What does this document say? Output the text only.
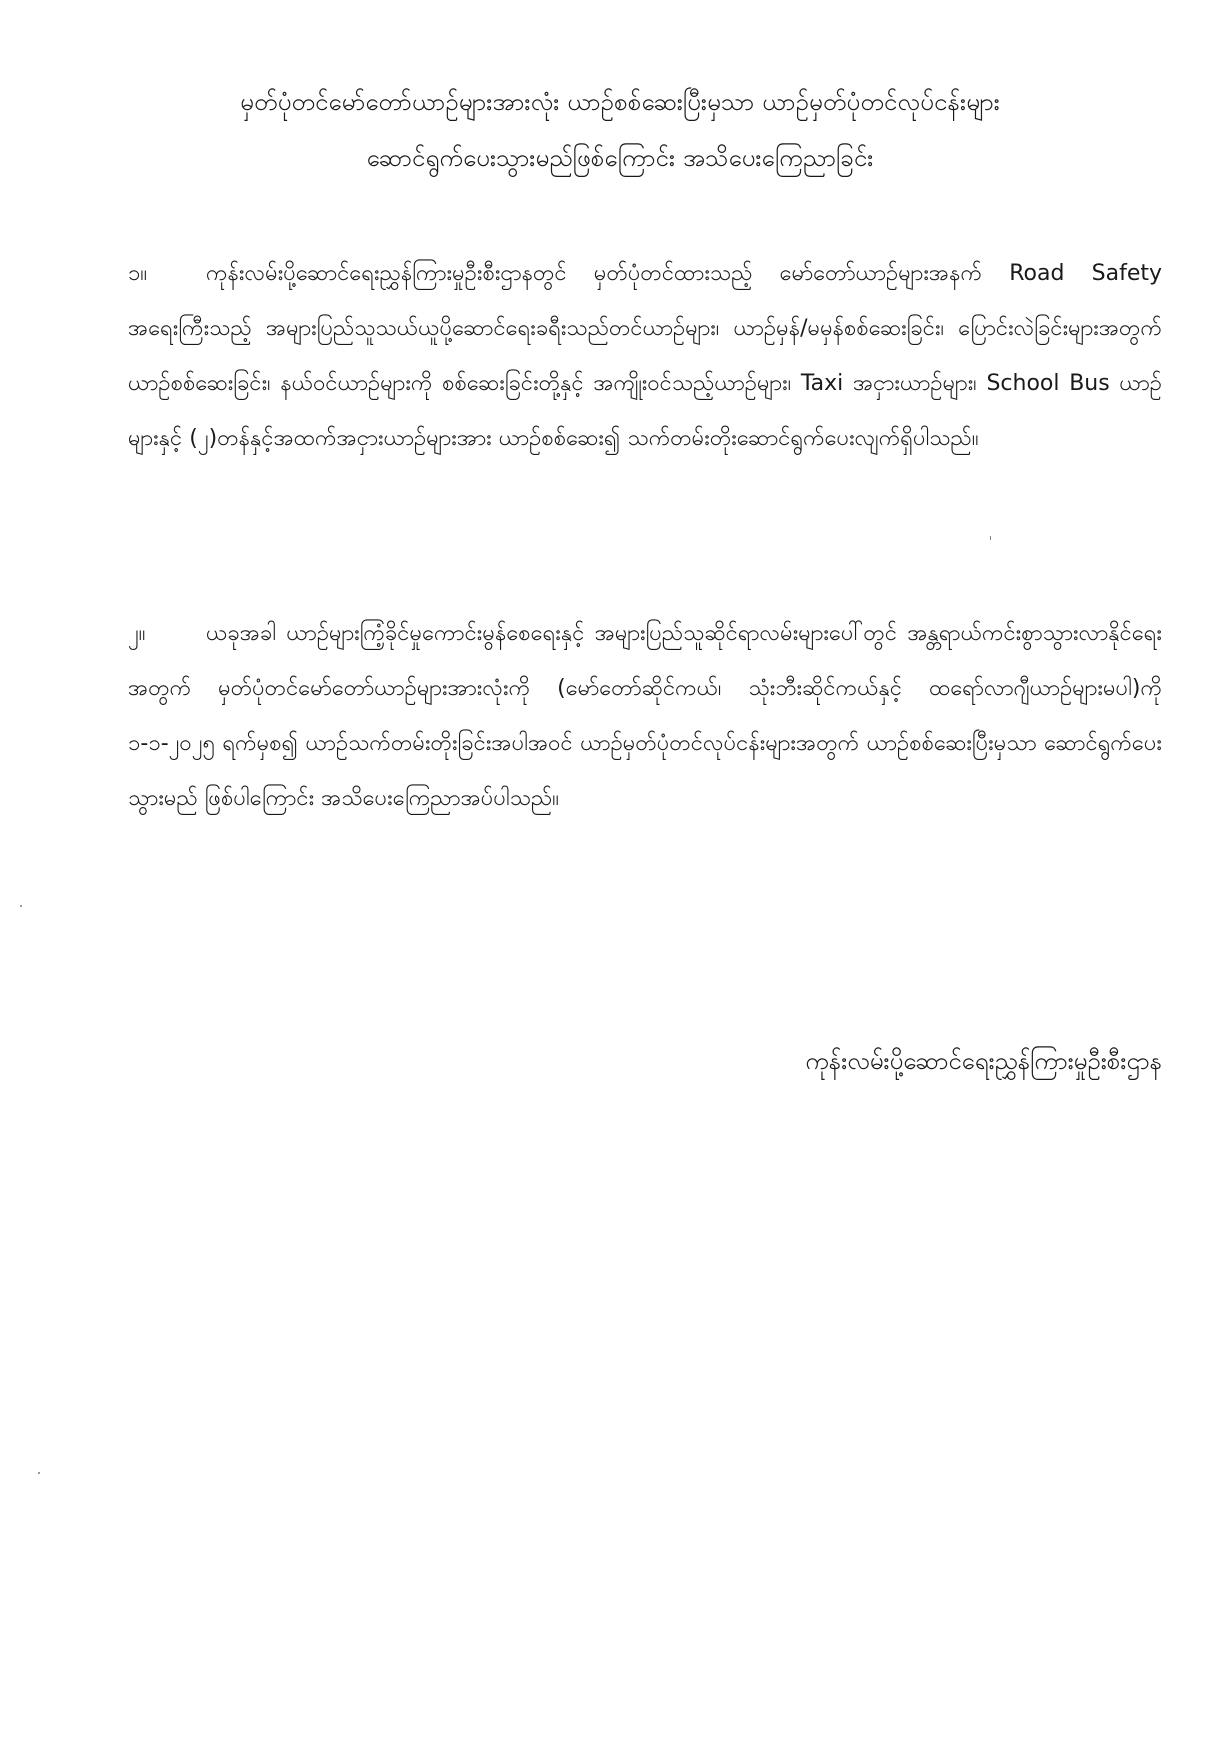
မှတ်ပုံတင်မော်တော်ယာဉ်များအားလုံး ယာဉ်စစ်ဆေးပြီးမှသာ ယာဉ်မှတ်ပုံတင်လုပ်ငန်းများ
ဆောင်ရွက်ပေးသွားမည်ဖြစ်ကြောင်း အသိပေးကြေညာခြင်း
၁။	ကုန်းလမ်းပို့ဆောင်ရေးညွှန်ကြားမှုဦးစီးဌာနတွင် မှတ်ပုံတင်ထားသည့် မော်တော်ယာဉ်များအနက် Road Safety အရေးကြီးသည့် အများပြည်သူသယ်ယူပို့ဆောင်ရေးခရီးသည်တင်ယာဉ်များ၊ ယာဉ်မှန်/မမှန်စစ်ဆေးခြင်း၊ ပြောင်းလဲခြင်းများအတွက် ယာဉ်စစ်ဆေးခြင်း၊ နယ်ဝင်ယာဉ်များကို စစ်ဆေးခြင်းတို့နှင့် အကျိုးဝင်သည့်ယာဉ်များ၊ Taxi အငှားယာဉ်များ၊ School Bus ယာဉ်များနှင့် (၂)တန်နှင့်အထက်အငှားယာဉ်များအား ယာဉ်စစ်ဆေး၍ သက်တမ်းတိုးဆောင်ရွက်ပေးလျက်ရှိပါသည်။
၂။	ယခုအခါ ယာဉ်များကြံ့ခိုင်မှုကောင်းမွန်စေရေးနှင့် အများပြည်သူဆိုင်ရာလမ်းများပေါ်တွင် အန္တရာယ်ကင်းစွာသွားလာနိုင်ရေးအတွက် မှတ်ပုံတင်မော်တော်ယာဉ်များအားလုံးကို (မော်တော်ဆိုင်ကယ်၊ သုံးဘီးဆိုင်ကယ်နှင့် ထရော်လာဂျီယာဉ်များမပါ)ကို ၁-၁-၂၀၂၅ ရက်မှစ၍ ယာဉ်သက်တမ်းတိုးခြင်းအပါအဝင် ယာဉ်မှတ်ပုံတင်လုပ်ငန်းများအတွက် ယာဉ်စစ်ဆေးပြီးမှသာ ဆောင်ရွက်ပေးသွားမည် ဖြစ်ပါကြောင်း အသိပေးကြေညာအပ်ပါသည်။
ကုန်းလမ်းပို့ဆောင်ရေးညွှန်ကြားမှုဦးစီးဌာန
